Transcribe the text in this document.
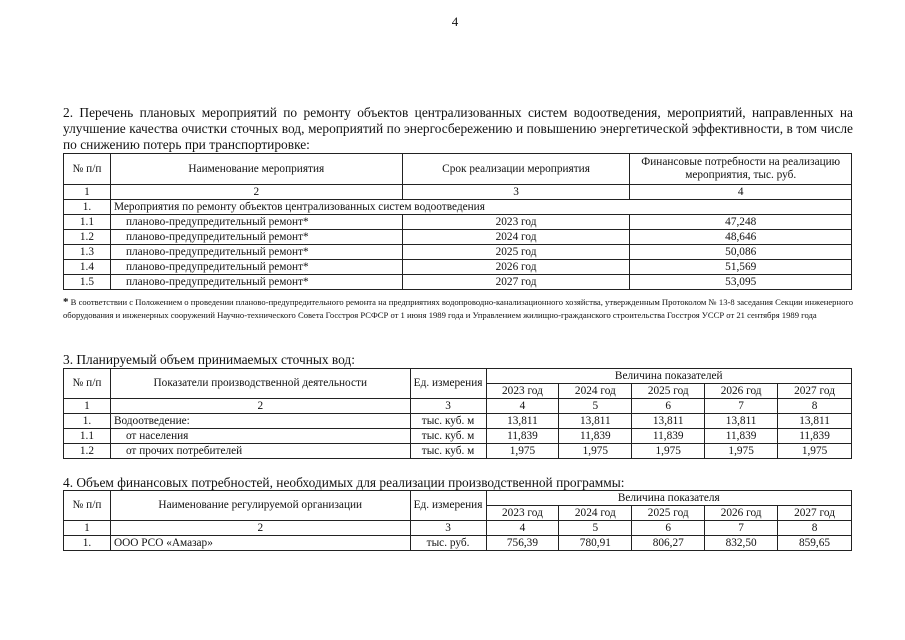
4
2. Перечень плановых мероприятий по ремонту объектов централизованных систем водоотведения, мероприятий, направленных на улучшение качества очистки сточных вод, мероприятий по энергосбережению и повышению энергетической эффективности, в том числе по снижению потерь при транспортировке:
№ п/п	Наименование мероприятия	Срок реализации мероприятия	Финансовые потребности на реализацию мероприятия, тыс. руб.
1	2	3	4
1.	Мероприятия по ремонту объектов централизованных систем водоотведения		
1.1	планово-предупредительный ремонт*	2023 год	47,248
1.2	планово-предупредительный ремонт*	2024 год	48,646
1.3	планово-предупредительный ремонт*	2025 год	50,086
1.4	планово-предупредительный ремонт*	2026 год	51,569
1.5	планово-предупредительный ремонт*	2027 год	53,095
* В соответствии с Положением о проведении планово-предупредительного ремонта на предприятиях водопроводно-канализационного хозяйства, утвержденным Протоколом № 13-8 заседания Секции инженерного оборудования и инженерных сооружений Научно-технического Совета Госстроя РСФСР от 1 июня 1989 года и Управлением жилищно-гражданского строительства Госстроя УССР от 21 сентября 1989 года
3. Планируемый объем принимаемых сточных вод:
№ п/п	Показатели производственной деятельности	Ед. измерения	Величина показателей				
			2023 год	2024 год	2025 год	2026 год	2027 год
1	2	3	4	5	6	7	8
1.	Водоотведение:	тыс. куб. м	13,811	13,811	13,811	13,811	13,811
1.1	от населения	тыс. куб. м	11,839	11,839	11,839	11,839	11,839
1.2	от прочих потребителей	тыс. куб. м	1,975	1,975	1,975	1,975	1,975
4. Объем финансовых потребностей, необходимых для реализации производственной программы:
№ п/п	Наименование регулируемой организации	Ед. измерения	Величина показателя				
			2023 год	2024 год	2025 год	2026 год	2027 год
1	2	3	4	5	6	7	8
1.	ООО РСО «Амазар»	тыс. руб.	756,39	780,91	806,27	832,50	859,65
